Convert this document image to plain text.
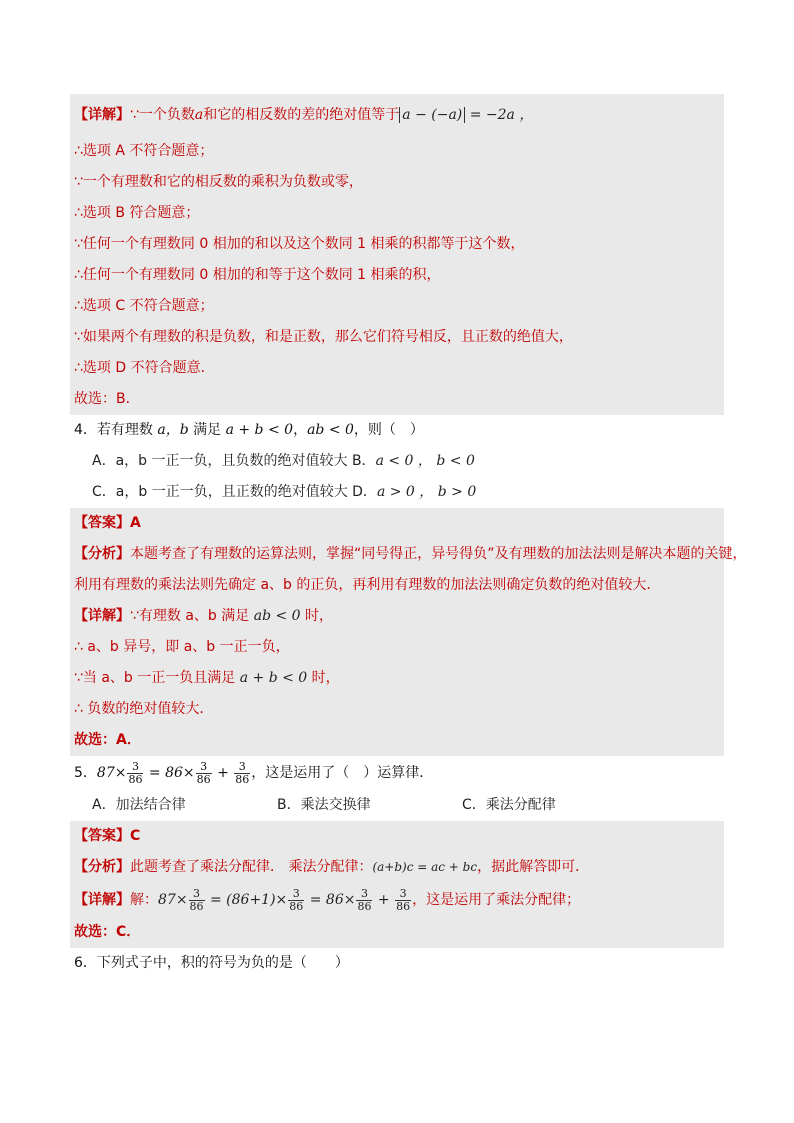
【详解】∵一个负数a和它的相反数的差的绝对值等于 a − (−a) = −2a ，
∴选项 A 不符合题意；
∵一个有理数和它的相反数的乘积为负数或零，
∴选项 B 符合题意；
∵任何一个有理数同 0 相加的和以及这个数同 1 相乘的积都等于这个数，
∴任何一个有理数同 0 相加的和等于这个数同 1 相乘的积，
∴选项 C 不符合题意；
∵如果两个有理数的积是负数，和是正数，那么它们符号相反，且正数的绝值大，
∴选项 D 不符合题意．
故选：B．
4．若有理数 a，b 满足 a + b < 0，ab < 0，则（　）
A．a，b 一正一负，且负数的绝对值较大 B．a < 0 ， b < 0
C．a，b 一正一负，且正数的绝对值较大 D．a > 0 ， b > 0
【答案】A
【分析】本题考查了有理数的运算法则，掌握“同号得正，异号得负”及有理数的加法法则是解决本题的关键，
利用有理数的乘法法则先确定 a、b 的正负，再利用有理数的加法法则确定负数的绝对值较大．
【详解】∵有理数 a、b 满足 ab < 0 时，
∴ a、b 异号，即 a、b 一正一负，
∵当 a、b 一正一负且满足 a + b < 0 时，
∴ 负数的绝对值较大．
故选：A．
5．$87\times \frac{3}{86} = 86\times \frac{3}{86} + \frac{3}{86}$ ，这是运用了（　）运算律．
A．加法结合律	B．乘法交换律	C．乘法分配律
【答案】C
【分析】此题考查了乘法分配律． 乘法分配律：(a+b)c = ac + bc，据此解答即可．
【详解】解：$87\times \frac{3}{86} = (86+1)\times \frac{3}{86} = 86\times \frac{3}{86} + \frac{3}{86}$ ，这是运用了乘法分配律；
故选：C．
6．下列式子中，积的符号为负的是（　　）
